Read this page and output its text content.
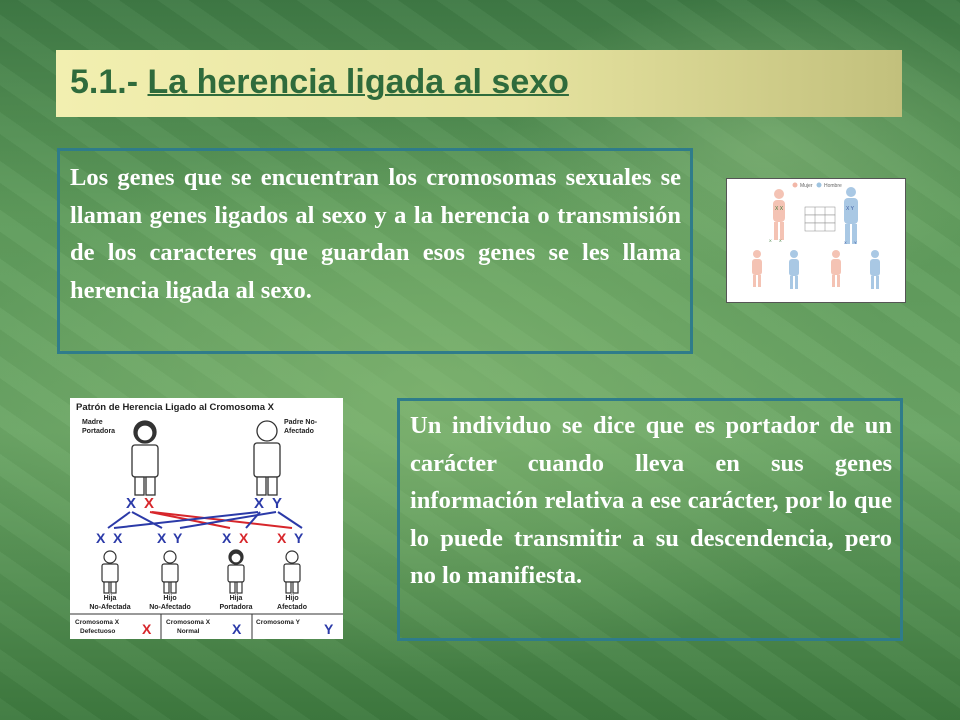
5.1.- La herencia ligada al sexo
Los genes que se encuentran los cromosomas sexuales se llaman genes ligados al sexo y a la herencia o transmisión de los caracteres que guardan esos genes se les llama herencia ligada al sexo.
Mujer Hombre
X X	X Y
X X	X Y
Patrón de Herencia Ligado al Cromosoma X
Madre
Portadora
Padre No-
Afectado
X X	X Y
X X X Y	X X X Y
Hija
No-Afectada
Hijo
No-Afectado
Hija
Portadora
Hijo
Afectado
Cromosoma X
Defectuoso X Cromosoma X
Normal X Cromosoma Y Y
Un individuo se dice que es portador de un carácter cuando lleva en sus genes información relativa a ese carácter, por lo que lo puede transmitir a su descendencia, pero no lo manifiesta.
